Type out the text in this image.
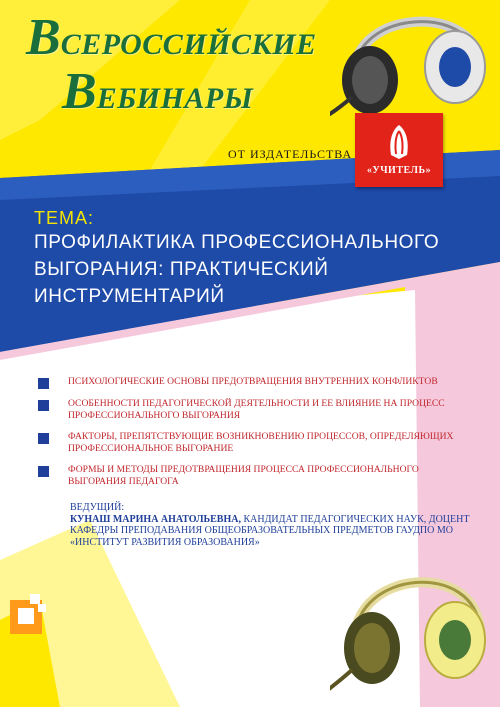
ВСЕРОССИЙСКИЕ
ВЕБИНАРЫ
ОТ ИЗДАТЕЛЬСТВА
«УЧИТЕЛЬ»
ТЕМА:
ПРОФИЛАКТИКА ПРОФЕССИОНАЛЬНОГО
ВЫГОРАНИЯ: ПРАКТИЧЕСКИЙ
ИНСТРУМЕНТАРИЙ
ПСИХОЛОГИЧЕСКИЕ ОСНОВЫ ПРЕДОТВРАЩЕНИЯ ВНУТРЕННИХ КОНФЛИКТОВ
ОСОБЕННОСТИ ПЕДАГОГИЧЕСКОЙ ДЕЯТЕЛЬНОСТИ И ЕЕ ВЛИЯНИЕ НА ПРОЦЕСС ПРОФЕССИОНАЛЬНОГО ВЫГОРАНИЯ
ФАКТОРЫ, ПРЕПЯТСТВУЮЩИЕ ВОЗНИКНОВЕНИЮ ПРОЦЕССОВ, ОПРЕДЕЛЯЮЩИХ ПРОФЕССИОНАЛЬНОЕ ВЫГОРАНИЕ
ФОРМЫ И МЕТОДЫ ПРЕДОТВРАЩЕНИЯ ПРОЦЕССА ПРОФЕССИОНАЛЬНОГО ВЫГОРАНИЯ ПЕДАГОГА
ВЕДУЩИЙ:
КУНАШ МАРИНА АНАТОЛЬЕВНА, КАНДИДАТ ПЕДАГОГИЧЕСКИХ НАУК, ДОЦЕНТ КАФЕДРЫ ПРЕПОДАВАНИЯ ОБЩЕОБРАЗОВАТЕЛЬНЫХ ПРЕДМЕТОВ ГАУДПО МО «ИНСТИТУТ РАЗВИТИЯ ОБРАЗОВАНИЯ»
